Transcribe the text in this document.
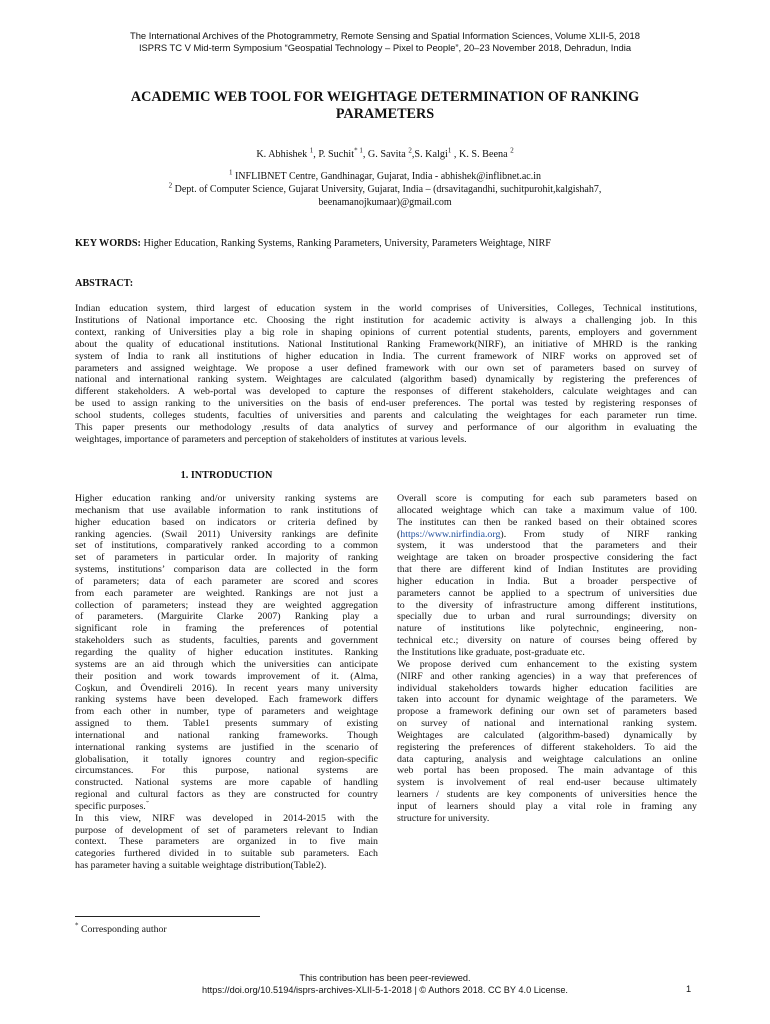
The International Archives of the Photogrammetry, Remote Sensing and Spatial Information Sciences, Volume XLII-5, 2018
ISPRS TC V Mid-term Symposium “Geospatial Technology – Pixel to People”, 20–23 November 2018, Dehradun, India
ACADEMIC WEB TOOL FOR WEIGHTAGE DETERMINATION OF RANKING
PARAMETERS
K. Abhishek $^1$, P. Suchit$^{* 1}$, G. Savita $^2$,S. Kalgi$^1$ , K. S. Beena $^2$
$^1$ INFLIBNET Centre, Gandhinagar, Gujarat, India - abhishek@inflibnet.ac.in
$^2$ Dept. of Computer Science, Gujarat University, Gujarat, India – (drsavitagandhi, suchitpurohit,kalgishah7,
beenamanojkumaar)@gmail.com
KEY WORDS: Higher Education, Ranking Systems, Ranking Parameters, University, Parameters Weightage, NIRF
ABSTRACT:
Indian education system, third largest of education system in the world comprises of Universities, Colleges, Technical institutions,
Institutions of National importance etc. Choosing the right institution for academic activity is always a challenging job. In this
context, ranking of Universities play a big role in shaping opinions of current potential students, parents, employers and government
about the quality of educational institutions. National Institutional Ranking Framework(NIRF), an initiative of MHRD is the ranking
system of India to rank all institutions of higher education in India. The current framework of NIRF works on approved set of
parameters and assigned weightage. We propose a user defined framework with our own set of parameters based on survey of
national and international ranking system. Weightages are calculated (algorithm based) dynamically by registering the preferences of
different stakeholders. A web-portal was developed to capture the responses of different stakeholders, calculate weightages and can
be used to assign ranking to the universities on the basis of end-user preferences. The portal was tested by registering responses of
school students, colleges students, faculties of universities and parents and calculating the weightages for each parameter run time.
This paper presents our methodology ,results of data analytics of survey and performance of our algorithm in evaluating the
weightages, importance of parameters and perception of stakeholders of institutes at various levels.
1. INTRODUCTION
Higher education ranking and/or university ranking systems are
mechanism that use available information to rank institutions of
higher education based on indicators or criteria defined by
ranking agencies. (Swail 2011) University rankings are definite
set of institutions, comparatively ranked according to a common
set of parameters in particular order. In majority of ranking
systems, institutions’ comparison data are collected in the form
of parameters; data of each parameter are scored and scores
from each parameter are weighted. Rankings are not just a
collection of parameters; instead they are weighted aggregation
of parameters. (Marguirite Clarke 2007) Ranking play a
significant role in framing the preferences of potential
stakeholders such as students, faculties, parents and government
regarding the quality of higher education institutes. Ranking
systems are an aid through which the universities can anticipate
their position and work towards improvement of it. (Alma,
Coşkun, and Övendireli 2016). In recent years many university
ranking systems have been developed. Each framework differs
from each other in number, type of parameters and weightage
assigned to them. Table1 presents summary of existing
international and national ranking frameworks. Though
international ranking systems are justified in the scenario of
globalisation, it totally ignores country and region-specific
circumstances. For this purpose, national systems are
constructed. National systems are more capable of handling
regional and cultural factors as they are constructed for country
specific purposes.*
In this view, NIRF was developed in 2014-2015 with the
purpose of development of set of parameters relevant to Indian
context. These parameters are organized in to five main
categories furthered divided in to suitable sub parameters. Each
has parameter having a suitable weightage distribution(Table2).
Overall score is computing for each sub parameters based on
allocated weightage which can take a maximum value of 100.
The institutes can then be ranked based on their obtained scores
(https://www.nirfindia.org). From study of NIRF ranking
system, it was understood that the parameters and their
weightage are taken on broader prospective considering the fact
that there are different kind of Indian Institutes are providing
higher education in India. But a broader perspective of
parameters cannot be applied to a spectrum of universities due
to the diversity of infrastructure among different institutions,
specially due to urban and rural surroundings; diversity on
nature of institutions like polytechnic, engineering, non-
technical etc.; diversity on nature of courses being offered by
the Institutions like graduate, post-graduate etc.
We propose derived cum enhancement to the existing system
(NIRF and other ranking agencies) in a way that preferences of
individual stakeholders towards higher education facilities are
taken into account for dynamic weightage of the parameters. We
propose a framework defining our own set of parameters based
on survey of national and international ranking system.
Weightages are calculated (algorithm-based) dynamically by
registering the preferences of different stakeholders. To aid the
data capturing, analysis and weightage calculations an online
web portal has been proposed. The main advantage of this
system is involvement of real end-user because ultimately
learners / students are key components of universities hence the
input of learners should play a vital role in framing any
structure for university.
* Corresponding author
This contribution has been peer-reviewed.
https://doi.org/10.5194/isprs-archives-XLII-5-1-2018 | © Authors 2018. CC BY 4.0 License.	1
